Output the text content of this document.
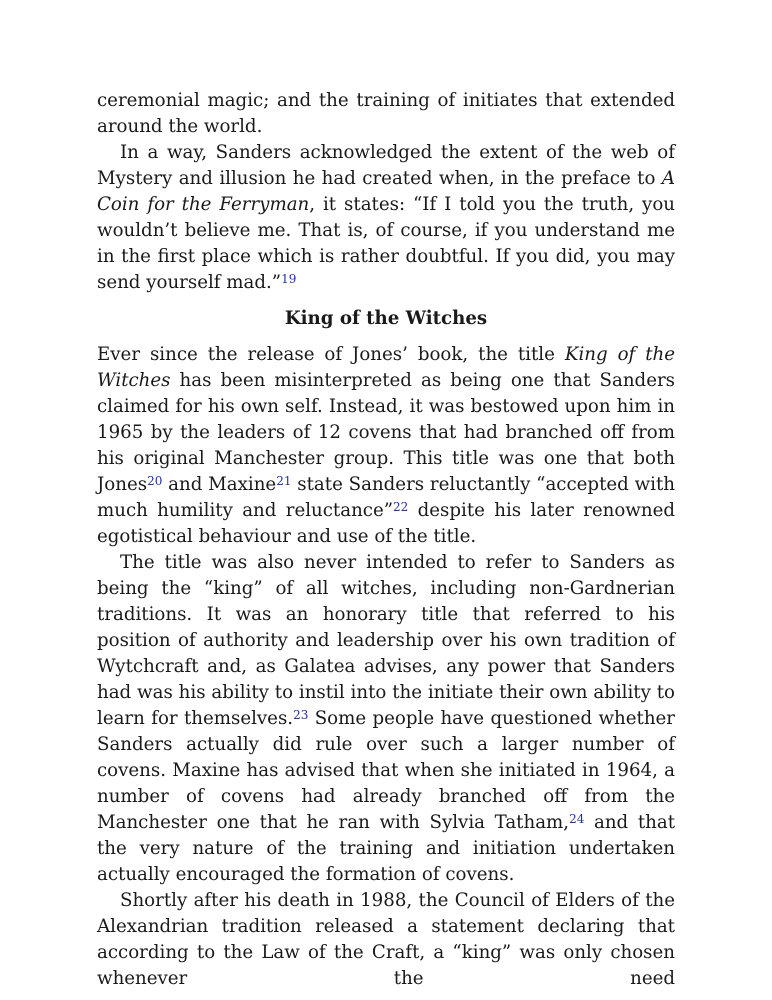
ceremonial magic; and the training of initiates that extended around the world.

In a way, Sanders acknowledged the extent of the web of Mystery and illusion he had created when, in the preface to A Coin for the Ferryman, it states: “If I told you the truth, you wouldn’t believe me. That is, of course, if you understand me in the first place which is rather doubtful. If you did, you may send yourself mad.”$^{19}$

King of the Witches

Ever since the release of Jones’ book, the title King of the Witches has been misinterpreted as being one that Sanders claimed for his own self. Instead, it was bestowed upon him in 1965 by the leaders of 12 covens that had branched off from his original Manchester group. This title was one that both Jones$^{20}$ and Maxine$^{21}$ state Sanders reluctantly “accepted with much humility and reluctance”$^{22}$ despite his later renowned egotistical behaviour and use of the title.

The title was also never intended to refer to Sanders as being the “king” of all witches, including non-Gardnerian traditions. It was an honorary title that referred to his position of authority and leadership over his own tradition of Wytchcraft and, as Galatea advises, any power that Sanders had was his ability to instil into the initiate their own ability to learn for themselves.$^{23}$ Some people have questioned whether Sanders actually did rule over such a larger number of covens. Maxine has advised that when she initiated in 1964, a number of covens had already branched off from the Manchester one that he ran with Sylvia Tatham,$^{24}$ and that the very nature of the training and initiation undertaken actually encouraged the formation of covens.

Shortly after his death in 1988, the Council of Elders of the Alexandrian tradition released a statement declaring that according to the Law of the Craft, a “king” was only chosen whenever the need
